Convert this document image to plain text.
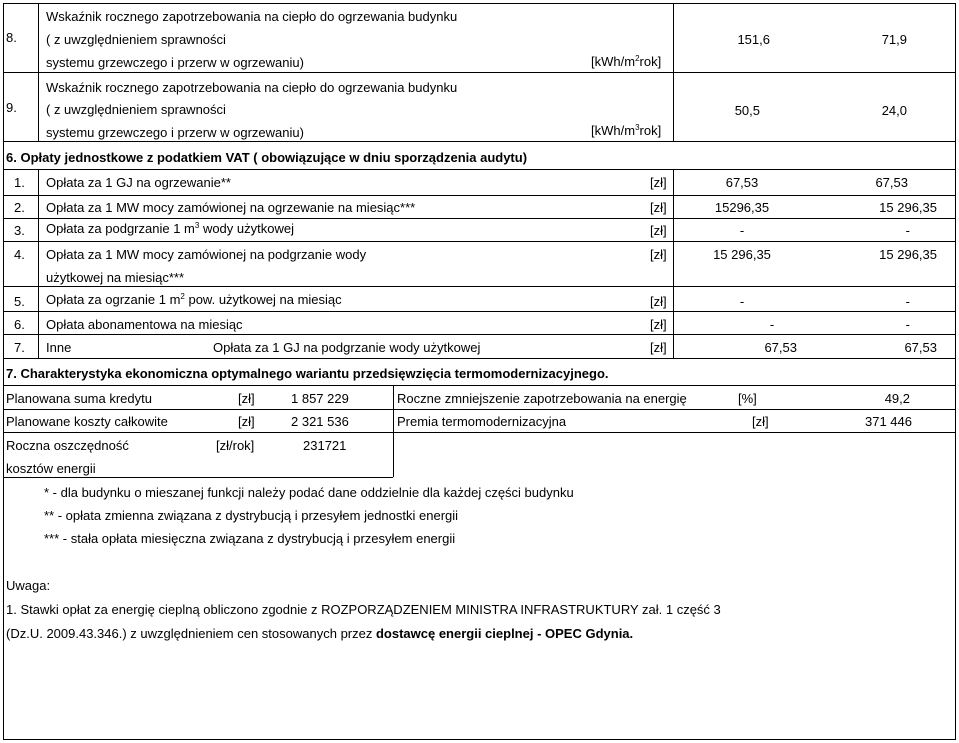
8.
Wskaźnik rocznego zapotrzebowania na ciepło do ogrzewania budynku
( z uwzględnieniem sprawności
systemu grzewczego i przerw w ogrzewaniu)	$[kWh/m^2rok]$
151,6	71,9
9.
Wskaźnik rocznego zapotrzebowania na ciepło do ogrzewania budynku
( z uwzględnieniem sprawności
systemu grzewczego i przerw w ogrzewaniu)	$[kWh/m^3rok]$
50,5	24,0
6. Opłaty jednostkowe z podatkiem VAT ( obowiązujące w dniu sporządzenia audytu)
1. Opłata za 1 GJ na ogrzewanie**	[zł]	67,53	67,53
2. Opłata za 1 MW mocy zamówionej na ogrzewanie na miesiąc***	[zł]	15296,35	15 296,35
3. Opłata za podgrzanie 1 $m^3$ wody użytkowej	[zł]	-	-
4. Opłata za 1 MW mocy zamówionej na podgrzanie wody
użytkowej na miesiąc***
[zł]	15 296,35	15 296,35
5. Opłata za ogrzanie 1 $m^2$ pow. użytkowej na miesiąc	[zł]	-	-
6. Opłata abonamentowa na miesiąc	[zł]	-	-
7. Inne	Opłata za 1 GJ na podgrzanie wody użytkowej	[zł]	67,53	67,53
7. Charakterystyka ekonomiczna optymalnego wariantu przedsięwzięcia termomodernizacyjnego.
Planowana suma kredytu	[zł]	1 857 229	Roczne zmniejszenie zapotrzebowania na energię	[%]	49,2
Planowane koszty całkowite	[zł]	2 321 536	Premia termomodernizacyjna	[zł]	371 446
Roczna oszczędność	[zł/rok]	231721
kosztów energii
* - dla budynku o mieszanej funkcji należy podać dane oddzielnie dla każdej części budynku
** - opłata zmienna związana z dystrybucją i przesyłem jednostki energii
*** - stała opłata miesięczna związana z dystrybucją i przesyłem energii
Uwaga:
1. Stawki opłat za energię cieplną obliczono zgodnie z ROZPORZĄDZENIEM MINISTRA INFRASTRUKTURY zał. 1 część 3
(Dz.U. 2009.43.346.) z uwzględnieniem cen stosowanych przez dostawcę energii cieplnej - OPEC Gdynia.
